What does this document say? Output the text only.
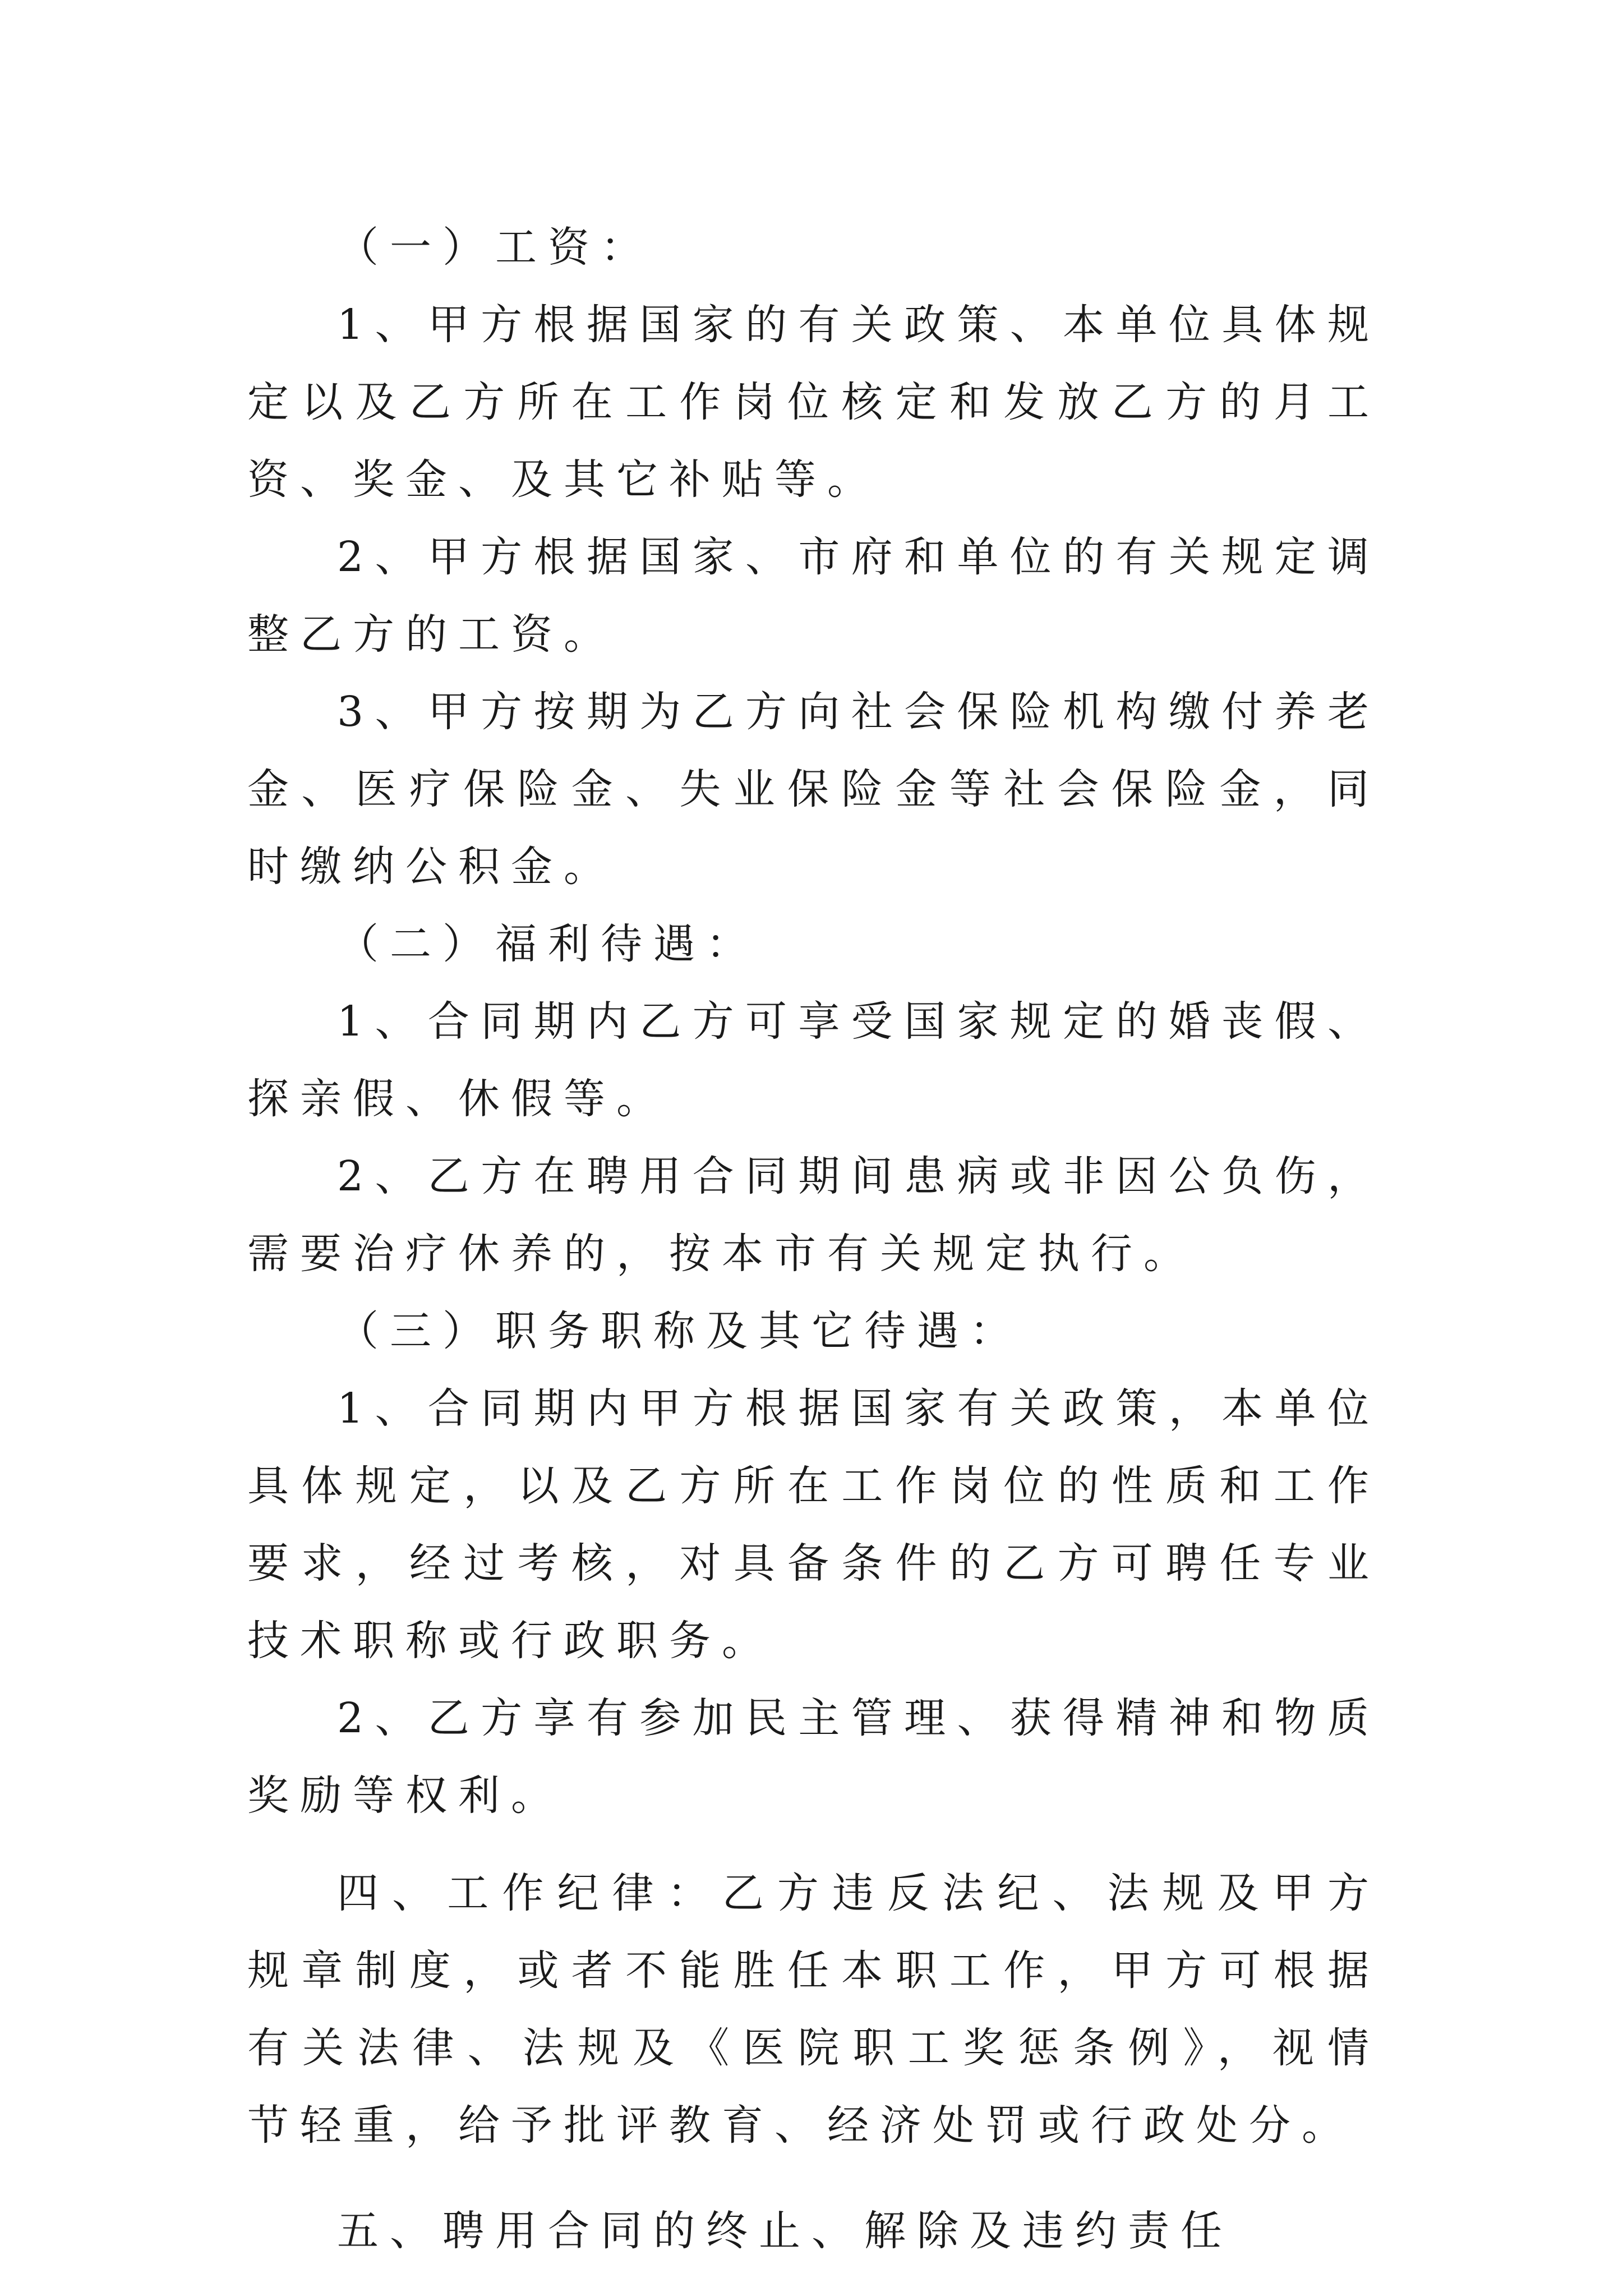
（一）工资：

1、甲方根据国家的有关政策、本单位具体规定以及乙方所在工作岗位核定和发放乙方的月工资、奖金、及其它补贴等。

2、甲方根据国家、市府和单位的有关规定调整乙方的工资。

3、甲方按期为乙方向社会保险机构缴付养老金、医疗保险金、失业保险金等社会保险金，同时缴纳公积金。

（二）福利待遇：

1、合同期内乙方可享受国家规定的婚丧假、探亲假、休假等。

2、乙方在聘用合同期间患病或非因公负伤，需要治疗休养的，按本市有关规定执行。

（三）职务职称及其它待遇：

1、合同期内甲方根据国家有关政策，本单位具体规定，以及乙方所在工作岗位的性质和工作要求，经过考核，对具备条件的乙方可聘任专业技术职称或行政职务。

2、乙方享有参加民主管理、获得精神和物质奖励等权利。

四、工作纪律：乙方违反法纪、法规及甲方规章制度，或者不能胜任本职工作，甲方可根据有关法律、法规及《医院职工奖惩条例》，视情节轻重，给予批评教育、经济处罚或行政处分。

五、聘用合同的终止、解除及违约责任
